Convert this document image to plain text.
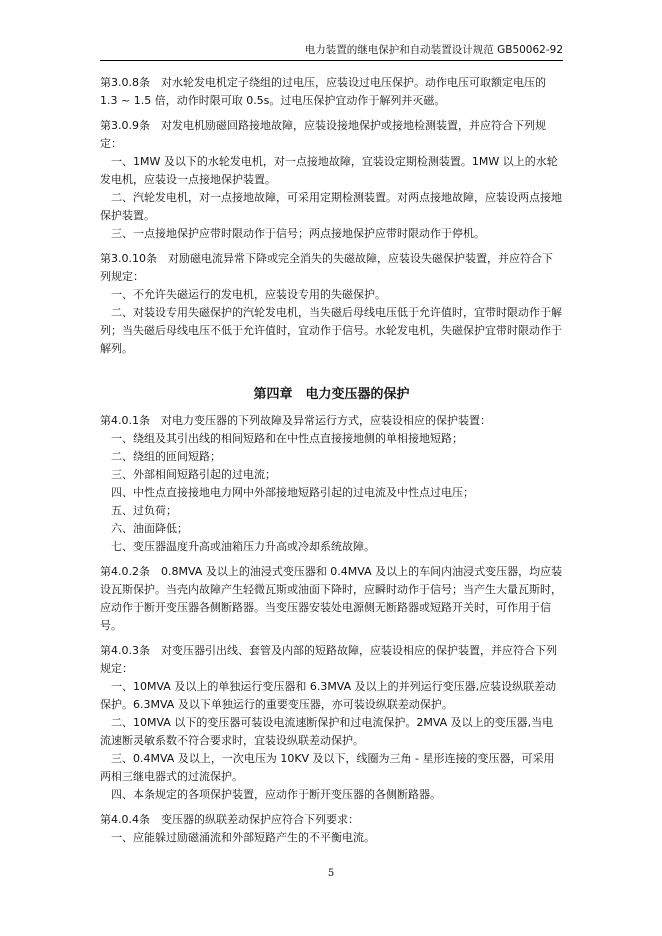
电力装置的继电保护和自动装置设计规范 GB50062-92

第3.0.8条　对水轮发电机定子绕组的过电压，应装设过电压保护。动作电压可取额定电压的 1.3 ~ 1.5 倍，动作时限可取 0.5s。过电压保护宜动作于解列并灭磁。

第3.0.9条　对发电机励磁回路接地故障，应装设接地保护或接地检测装置，并应符合下列规定：

一、1MW 及以下的水轮发电机，对一点接地故障，宜装设定期检测装置。1MW 以上的水轮发电机，应装设一点接地保护装置。

二、汽轮发电机，对一点接地故障，可采用定期检测装置。对两点接地故障，应装设两点接地保护装置。

三、一点接地保护应带时限动作于信号；两点接地保护应带时限动作于停机。

第3.0.10条　对励磁电流异常下降或完全消失的失磁故障，应装设失磁保护装置，并应符合下列规定：

一、不允许失磁运行的发电机，应装设专用的失磁保护。

二、对装设专用失磁保护的汽轮发电机，当失磁后母线电压低于允许值时，宜带时限动作于解列；当失磁后母线电压不低于允许值时，宜动作于信号。水轮发电机，失磁保护宜带时限动作于解列。

第四章　电力变压器的保护

第4.0.1条　对电力变压器的下列故障及异常运行方式，应装设相应的保护装置：

一、绕组及其引出线的相间短路和在中性点直接接地侧的单相接地短路；

二、绕组的匝间短路；

三、外部相间短路引起的过电流；

四、中性点直接接地电力网中外部接地短路引起的过电流及中性点过电压；

五、过负荷；

六、油面降低；

七、变压器温度升高或油箱压力升高或冷却系统故障。

第4.0.2条　0.8MVA 及以上的油浸式变压器和 0.4MVA 及以上的车间内油浸式变压器，均应装设瓦斯保护。当壳内故障产生轻微瓦斯或油面下降时，应瞬时动作于信号；当产生大量瓦斯时，应动作于断开变压器各侧断路器。当变压器安装处电源侧无断路器或短路开关时，可作用于信号。

第4.0.3条　对变压器引出线、套管及内部的短路故障，应装设相应的保护装置，并应符合下列规定：

一、10MVA 及以上的单独运行变压器和 6.3MVA 及以上的并列运行变压器,应装设纵联差动保护。6.3MVA 及以下单独运行的重要变压器，亦可装设纵联差动保护。

二、10MVA 以下的变压器可装设电流速断保护和过电流保护。2MVA 及以上的变压器,当电流速断灵敏系数不符合要求时，宜装设纵联差动保护。

三、0.4MVA 及以上，一次电压为 10KV 及以下，线圈为三角 - 星形连接的变压器，可采用两相三继电器式的过流保护。

四、本条规定的各项保护装置，应动作于断开变压器的各侧断路器。

第4.0.4条　变压器的纵联差动保护应符合下列要求：

一、应能躲过励磁涌流和外部短路产生的不平衡电流。

5
